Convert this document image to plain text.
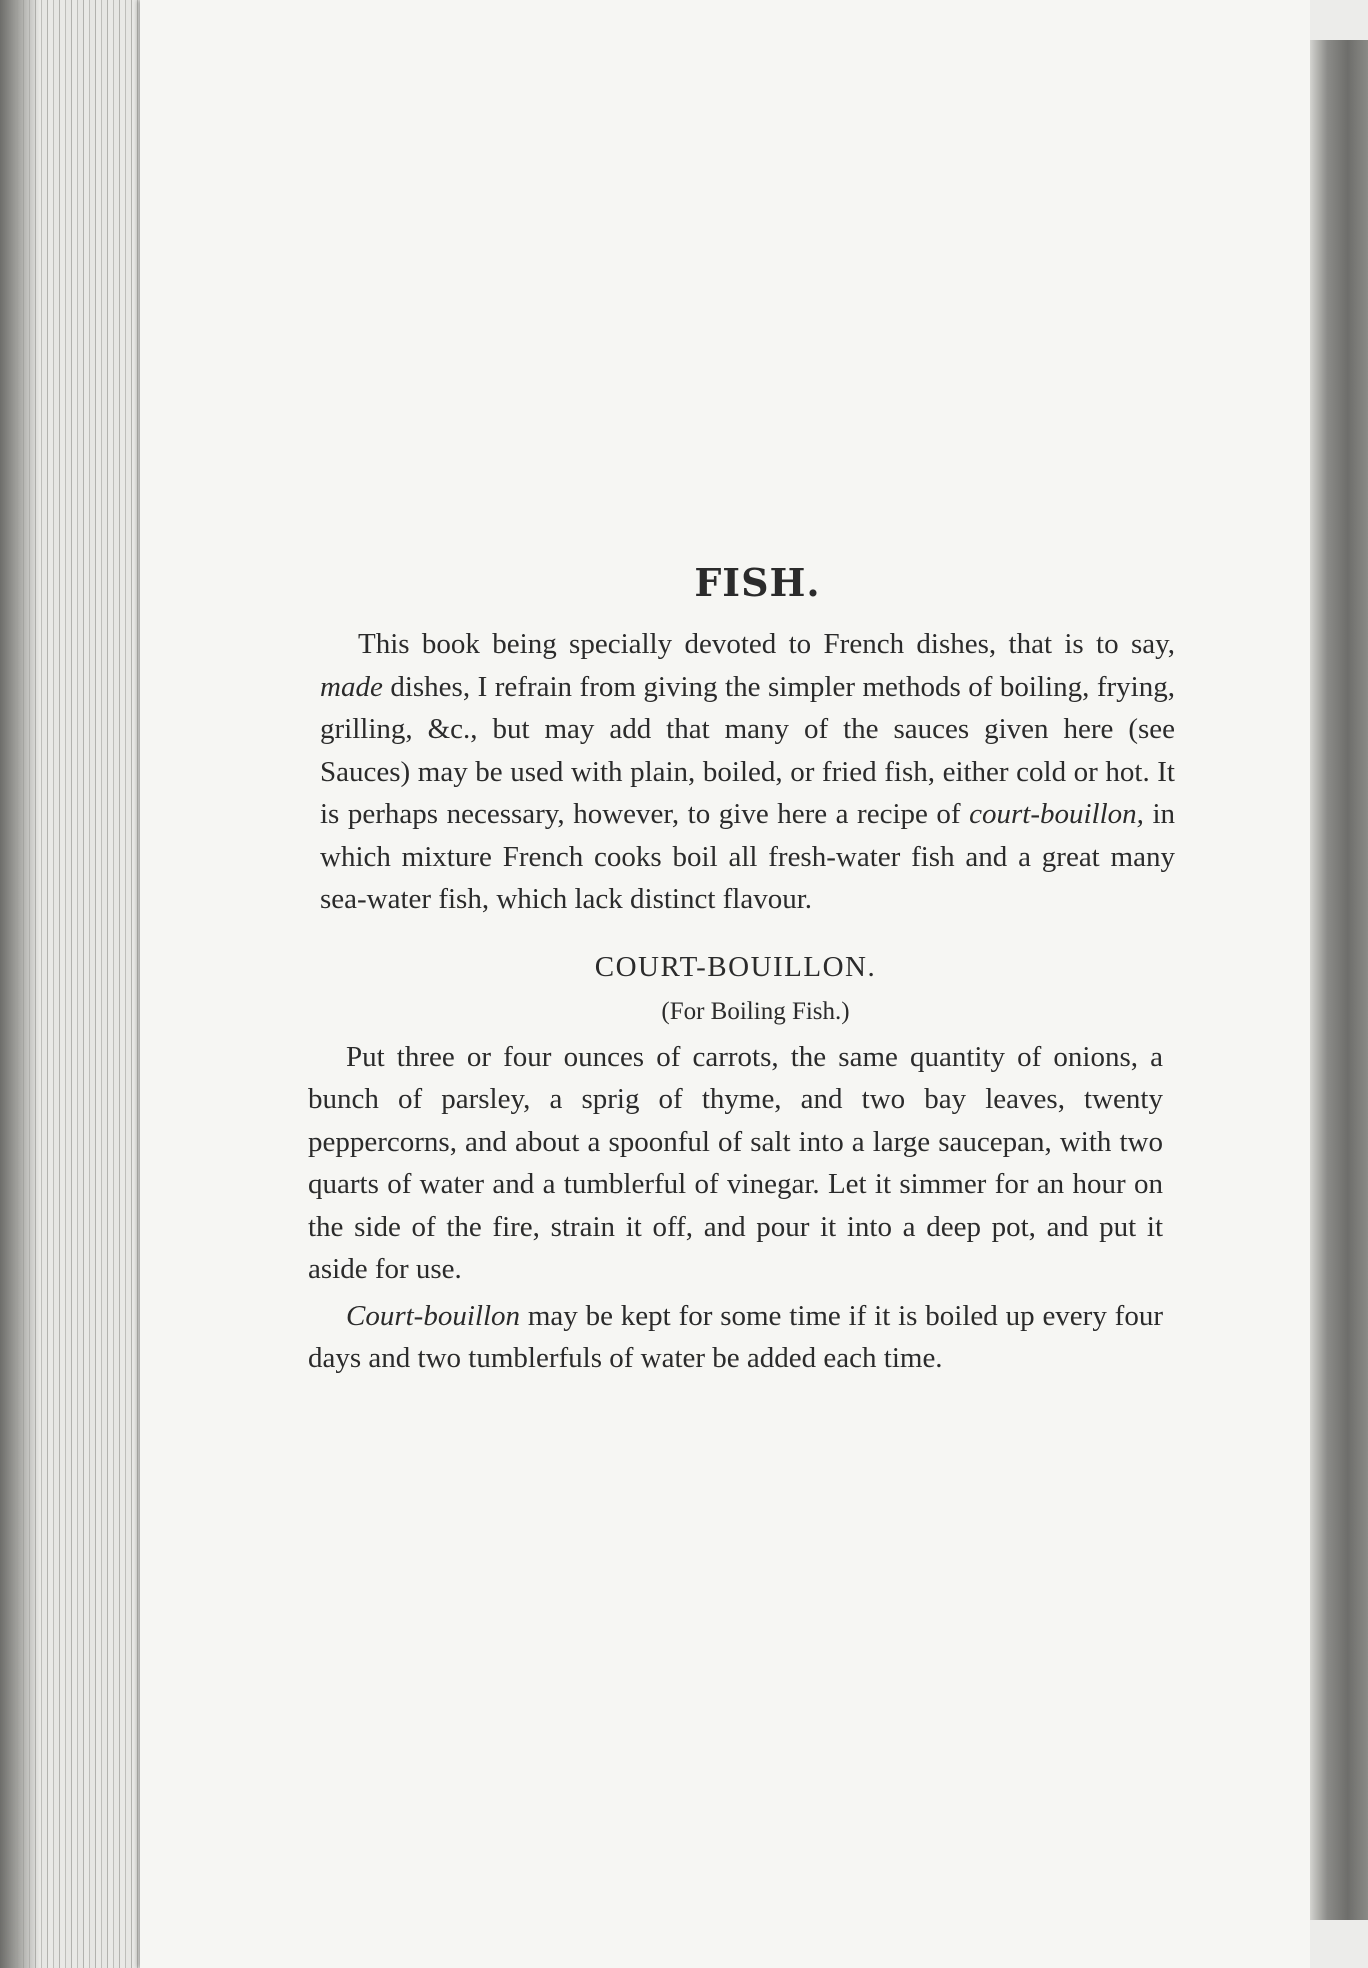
FISH.

This book being specially devoted to French dishes, that is to say, made dishes, I refrain from giving the simpler methods of boiling, frying, grilling, &c., but may add that many of the sauces given here (see Sauces) may be used with plain, boiled, or fried fish, either cold or hot. It is perhaps necessary, however, to give here a recipe of court-bouillon, in which mixture French cooks boil all fresh-water fish and a great many sea-water fish, which lack distinct flavour.

COURT-BOUILLON.
(For Boiling Fish.)

Put three or four ounces of carrots, the same quantity of onions, a bunch of parsley, a sprig of thyme, and two bay leaves, twenty peppercorns, and about a spoonful of salt into a large saucepan, with two quarts of water and a tumblerful of vinegar. Let it simmer for an hour on the side of the fire, strain it off, and pour it into a deep pot, and put it aside for use.

Court-bouillon may be kept for some time if it is boiled up every four days and two tumblerfuls of water be added each time.
